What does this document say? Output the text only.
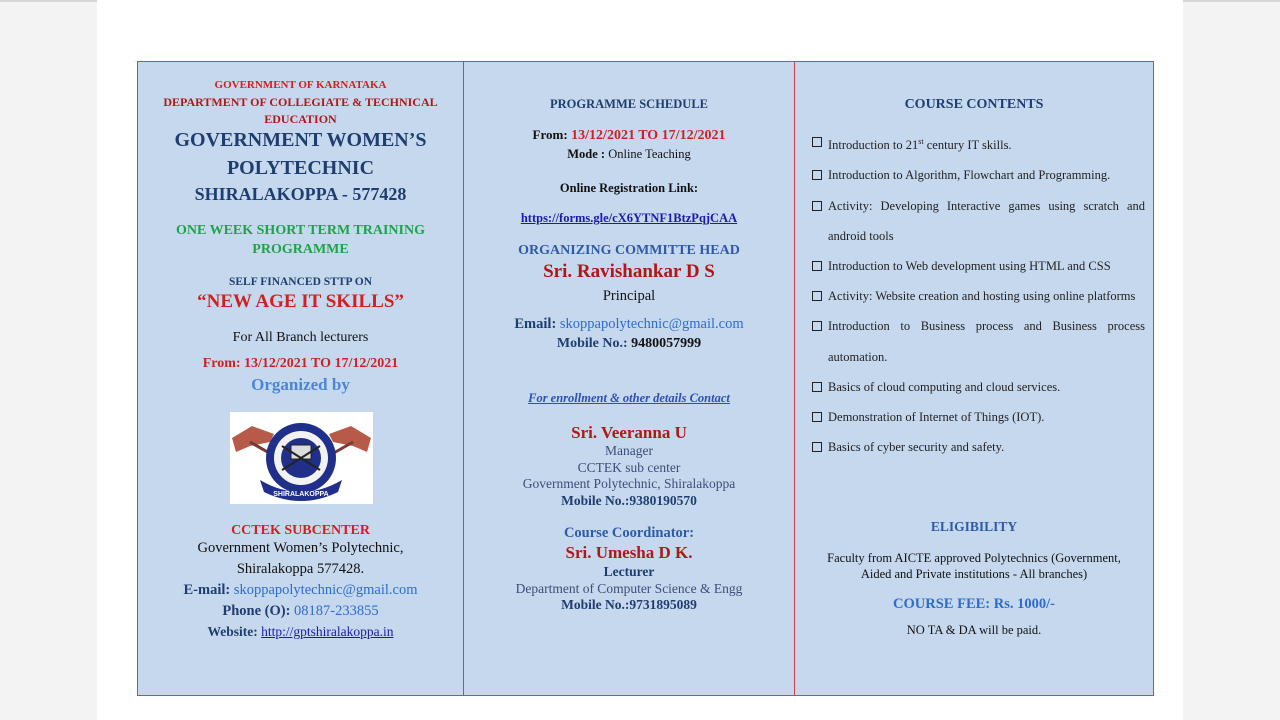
GOVERNMENT OF KARNATAKA
DEPARTMENT OF COLLEGIATE & TECHNICAL
EDUCATION
GOVERNMENT WOMEN’S
POLYTECHNIC
SHIRALAKOPPA - 577428
ONE WEEK SHORT TERM TRAINING
PROGRAMME
SELF FINANCED STTP ON
“NEW AGE IT SKILLS”
For All Branch lecturers
From: 13/12/2021 TO 17/12/2021
Organized by
SHIRALAKOPPA
CCTEK SUBCENTER
Government Women’s Polytechnic,
Shiralakoppa 577428.
E-mail: skoppapolytechnic@gmail.com
Phone (O): 08187-233855
Website: http://gptshiralakoppa.in
PROGRAMME SCHEDULE
From: 13/12/2021 TO 17/12/2021
Mode : Online Teaching
Online Registration Link:
https://forms.gle/cX6YTNF1BtzPqjCAA
ORGANIZING COMMITTE HEAD
Sri. Ravishankar D S
Principal
Email: skoppapolytechnic@gmail.com
Mobile No.: 9480057999
For enrollment & other details Contact
Sri. Veeranna U
Manager
CCTEK sub center
Government Polytechnic, Shiralakoppa
Mobile No.:9380190570
Course Coordinator:
Sri. Umesha D K.
Lecturer
Department of Computer Science & Engg
Mobile No.:9731895089
COURSE CONTENTS
Introduction to 21st century IT skills.
Introduction to Algorithm, Flowchart and Programming.
Activity: Developing Interactive games using scratch and android tools
Introduction to Web development using HTML and CSS
Activity: Website creation and hosting using online platforms
Introduction to Business process and Business process automation.
Basics of cloud computing and cloud services.
Demonstration of Internet of Things (IOT).
Basics of cyber security and safety.
ELIGIBILITY
Faculty from AICTE approved Polytechnics (Government,
Aided and Private institutions - All branches)
COURSE FEE: Rs. 1000/-
NO TA & DA will be paid.
